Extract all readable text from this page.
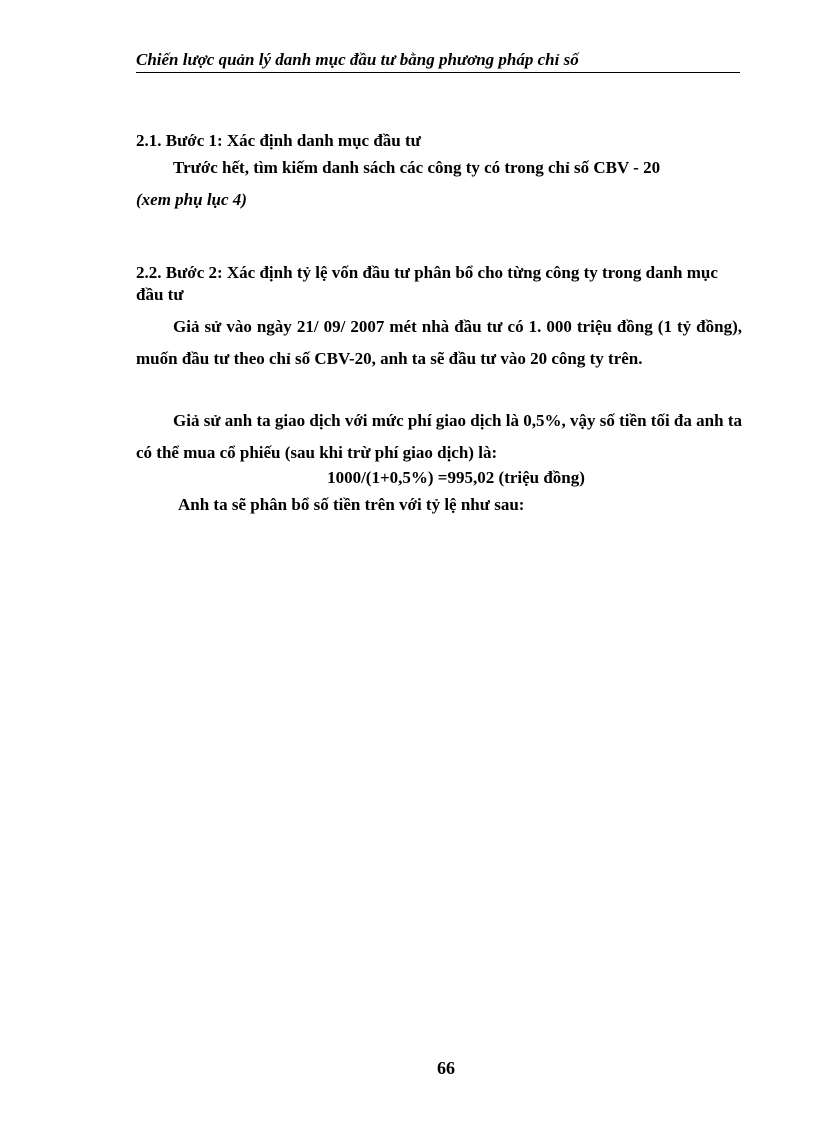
Chiến lược quản lý danh mục đầu tư bằng phương pháp chỉ số
2.1. Bước 1: Xác định danh mục đầu tư
Trước hết, tìm kiếm danh sách các công ty có trong chỉ số CBV - 20
(xem phụ lục 4)
2.2. Bước 2: Xác định tỷ lệ vốn đầu tư phân bổ cho từng công ty trong danh mục đầu tư
Giả sử vào ngày 21/ 09/ 2007 mét nhà đầu tư có 1. 000 triệu đồng (1 tỷ đồng), muốn đầu tư theo chỉ số CBV-20, anh ta sẽ đầu tư vào 20 công ty trên.
Giả sử anh ta giao dịch với mức phí giao dịch là 0,5%, vậy số tiền tối đa anh ta có thể mua cổ phiếu (sau khi trừ phí giao dịch) là:
1000/(1+0,5%) =995,02 (triệu đồng)
Anh ta sẽ phân bổ số tiền trên với tỷ lệ như sau:
66
